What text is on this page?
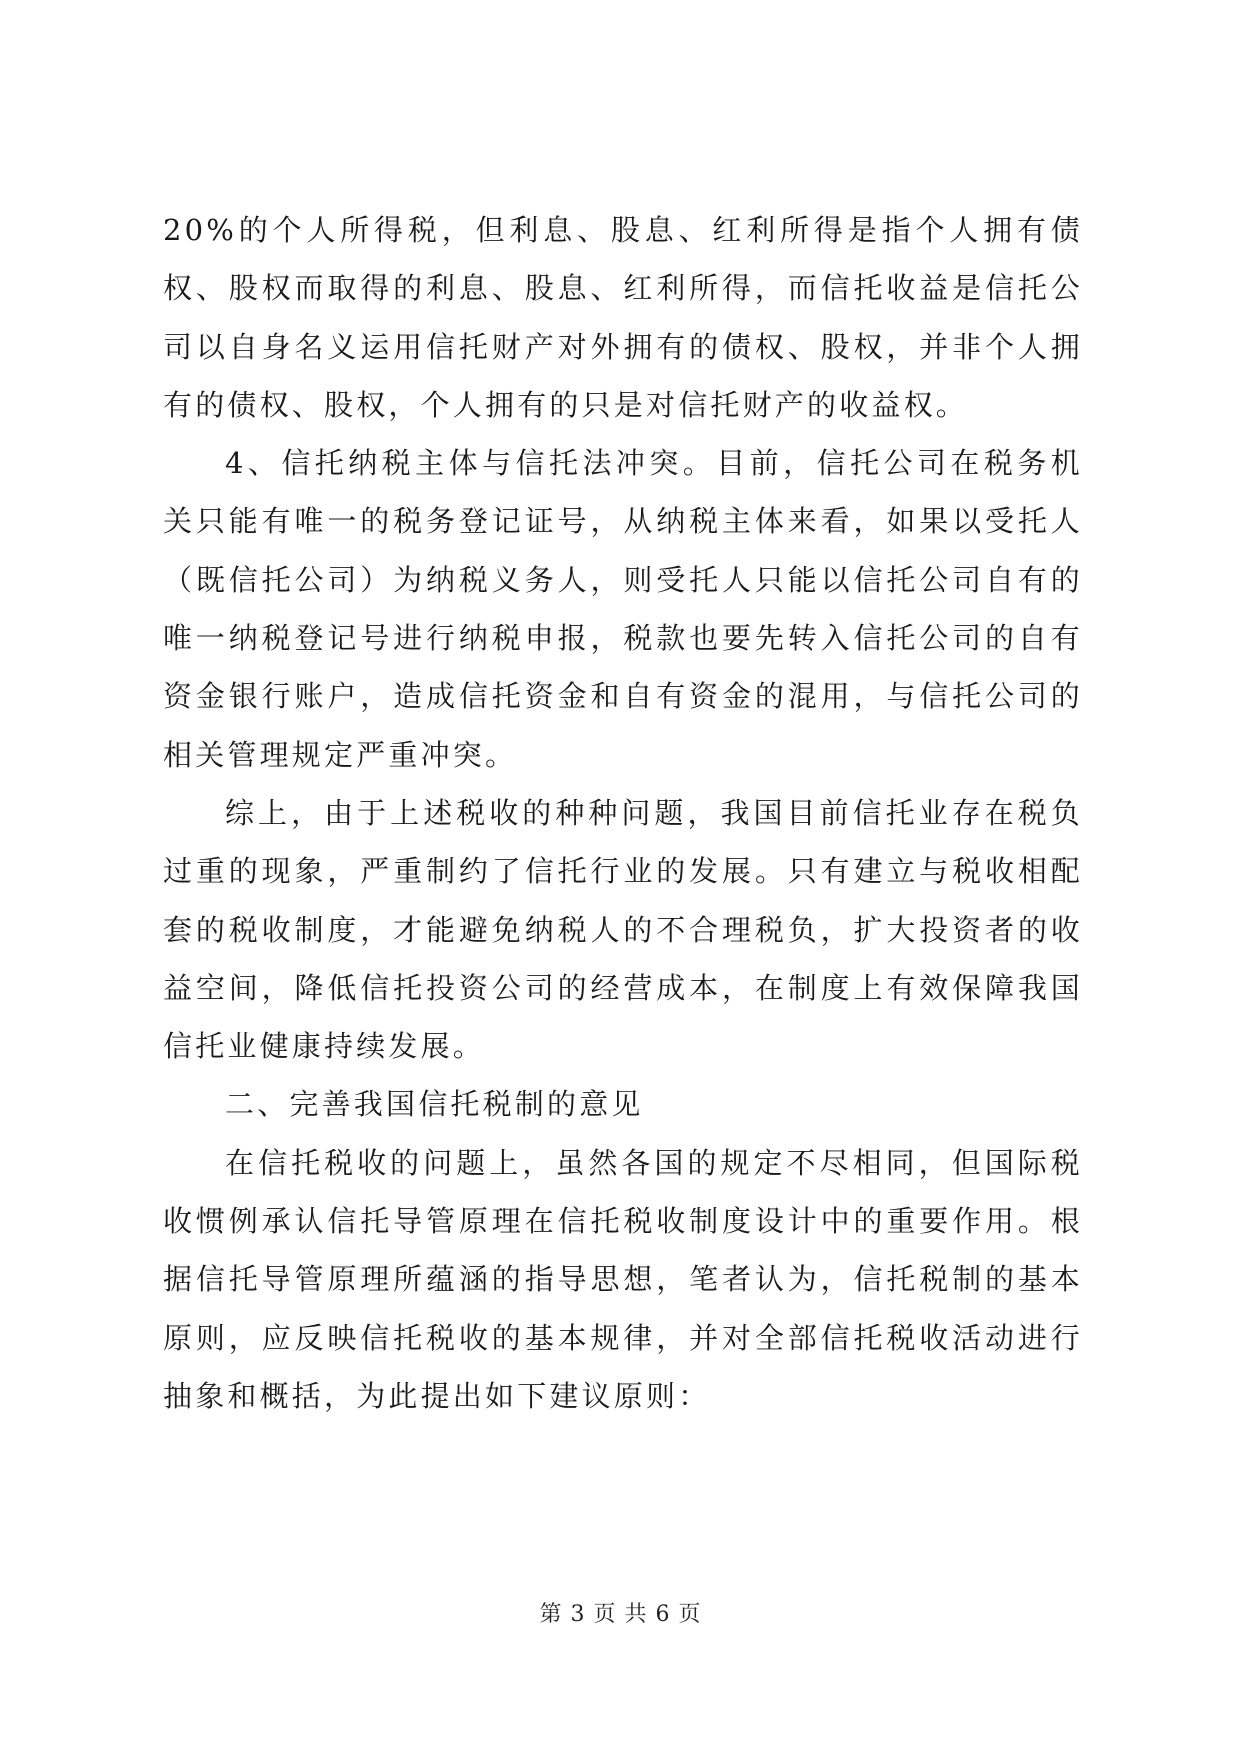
20%的个人所得税，但利息、股息、红利所得是指个人拥有债权、股权而取得的利息、股息、红利所得，而信托收益是信托公司以自身名义运用信托财产对外拥有的债权、股权，并非个人拥有的债权、股权，个人拥有的只是对信托财产的收益权。

4、信托纳税主体与信托法冲突。目前，信托公司在税务机关只能有唯一的税务登记证号，从纳税主体来看，如果以受托人（既信托公司）为纳税义务人，则受托人只能以信托公司自有的唯一纳税登记号进行纳税申报，税款也要先转入信托公司的自有资金银行账户，造成信托资金和自有资金的混用，与信托公司的相关管理规定严重冲突。

综上，由于上述税收的种种问题，我国目前信托业存在税负过重的现象，严重制约了信托行业的发展。只有建立与税收相配套的税收制度，才能避免纳税人的不合理税负，扩大投资者的收益空间，降低信托投资公司的经营成本，在制度上有效保障我国信托业健康持续发展。

二、完善我国信托税制的意见

在信托税收的问题上，虽然各国的规定不尽相同，但国际税收惯例承认信托导管原理在信托税收制度设计中的重要作用。根据信托导管原理所蕴涵的指导思想，笔者认为，信托税制的基本原则，应反映信托税收的基本规律，并对全部信托税收活动进行抽象和概括，为此提出如下建议原则：

第 3 页 共 6 页
